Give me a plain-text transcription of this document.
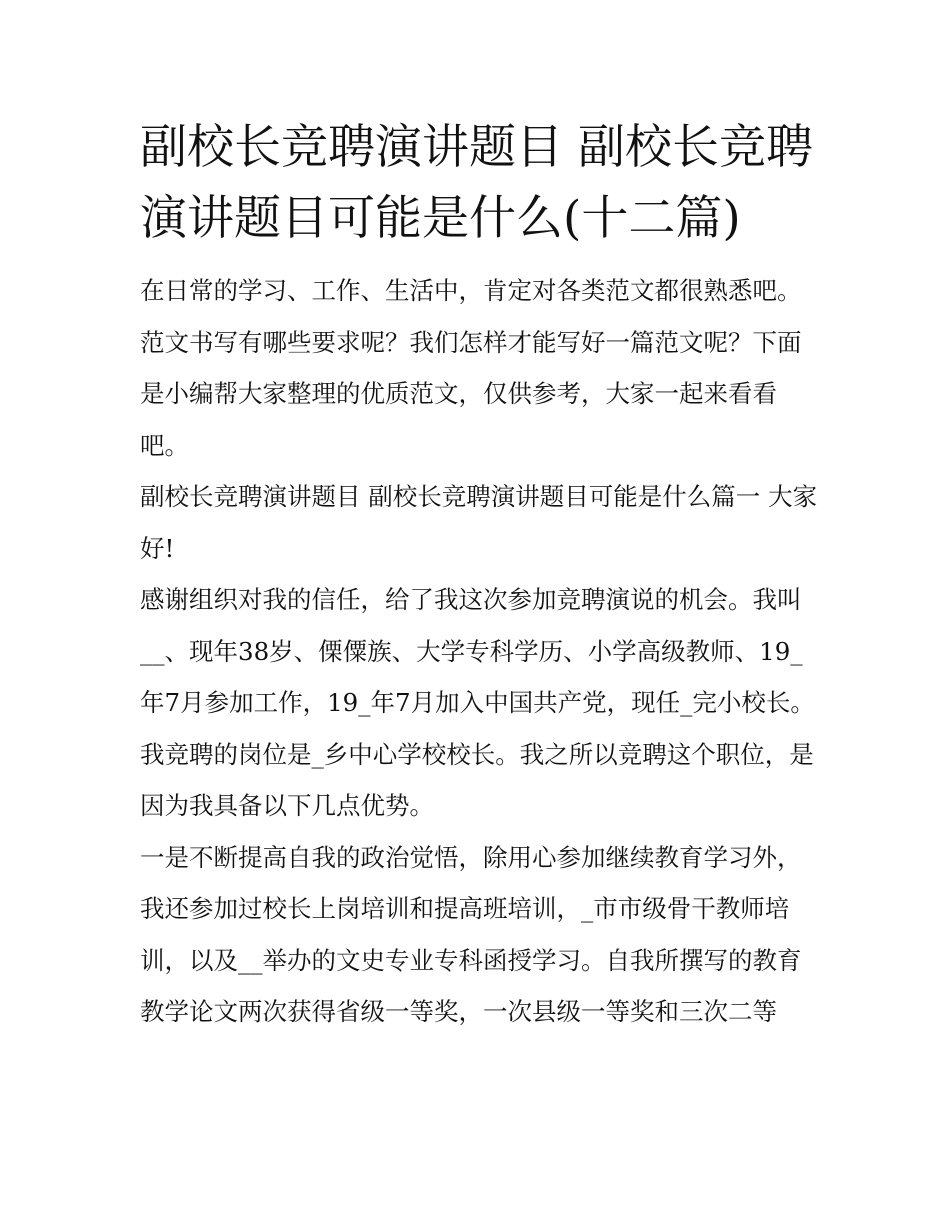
副校长竞聘演讲题目 副校长竞聘演讲题目可能是什么(十二篇)

在日常的学习、工作、生活中，肯定对各类范文都很熟悉吧。范文书写有哪些要求呢？我们怎样才能写好一篇范文呢？下面是小编帮大家整理的优质范文，仅供参考，大家一起来看看吧。

副校长竞聘演讲题目 副校长竞聘演讲题目可能是什么篇一 大家好!

感谢组织对我的信任，给了我这次参加竞聘演说的机会。我叫__、现年38岁、傈僳族、大学专科学历、小学高级教师、19_年7月参加工作，19_年7月加入中国共产党，现任_完小校长。我竞聘的岗位是_乡中心学校校长。我之所以竞聘这个职位，是因为我具备以下几点优势。

一是不断提高自我的政治觉悟，除用心参加继续教育学习外，我还参加过校长上岗培训和提高班培训，_市市级骨干教师培训，以及__举办的文史专业专科函授学习。自我所撰写的教育教学论文两次获得省级一等奖，一次县级一等奖和三次二等
